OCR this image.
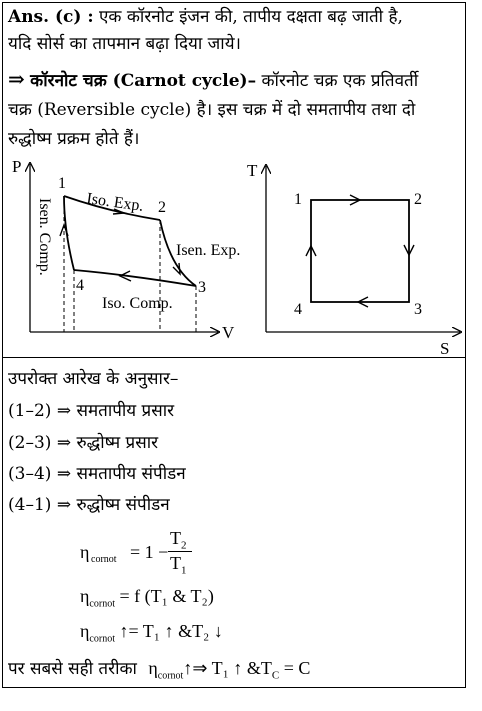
Ans. (c) : एक कॉरनोट इंजन की, तापीय दक्षता बढ़ जाती है,
यदि सोर्स का तापमान बढ़ा दिया जाये।
⇒ कॉरनोट चक्र (Carnot cycle)– कॉरनोट चक्र एक प्रतिवर्ती
चक्र (Reversible cycle) है। इस चक्र में दो समतापीय तथा दो
रुद्धोष्म प्रक्रम होते हैं।
P
V
1
2
3
4
Iso. Exp.
Isen. Exp.
Iso. Comp.
Isen. Comp.
T
S
1	2
3
4
उपरोक्त आरेख के अनुसार–
(1–2) ⇒ समतापीय प्रसार
(2–3) ⇒ रुद्धोष्म प्रसार
(3–4) ⇒ समतापीय संपीडन
(4–1) ⇒ रुद्धोष्म संपीडन
η cornot = 1 −
$T_2$
$T_1$
$\eta_{cornot} = f$ (T₁ & T₂)
$\eta_{cornot}$ ↑= T₁ ↑ &T₂ ↓
पर सबसे सही तरीका $\eta_{cornot}↑\Rightarrow$ T₁ ↑ $\&T_C = C$
